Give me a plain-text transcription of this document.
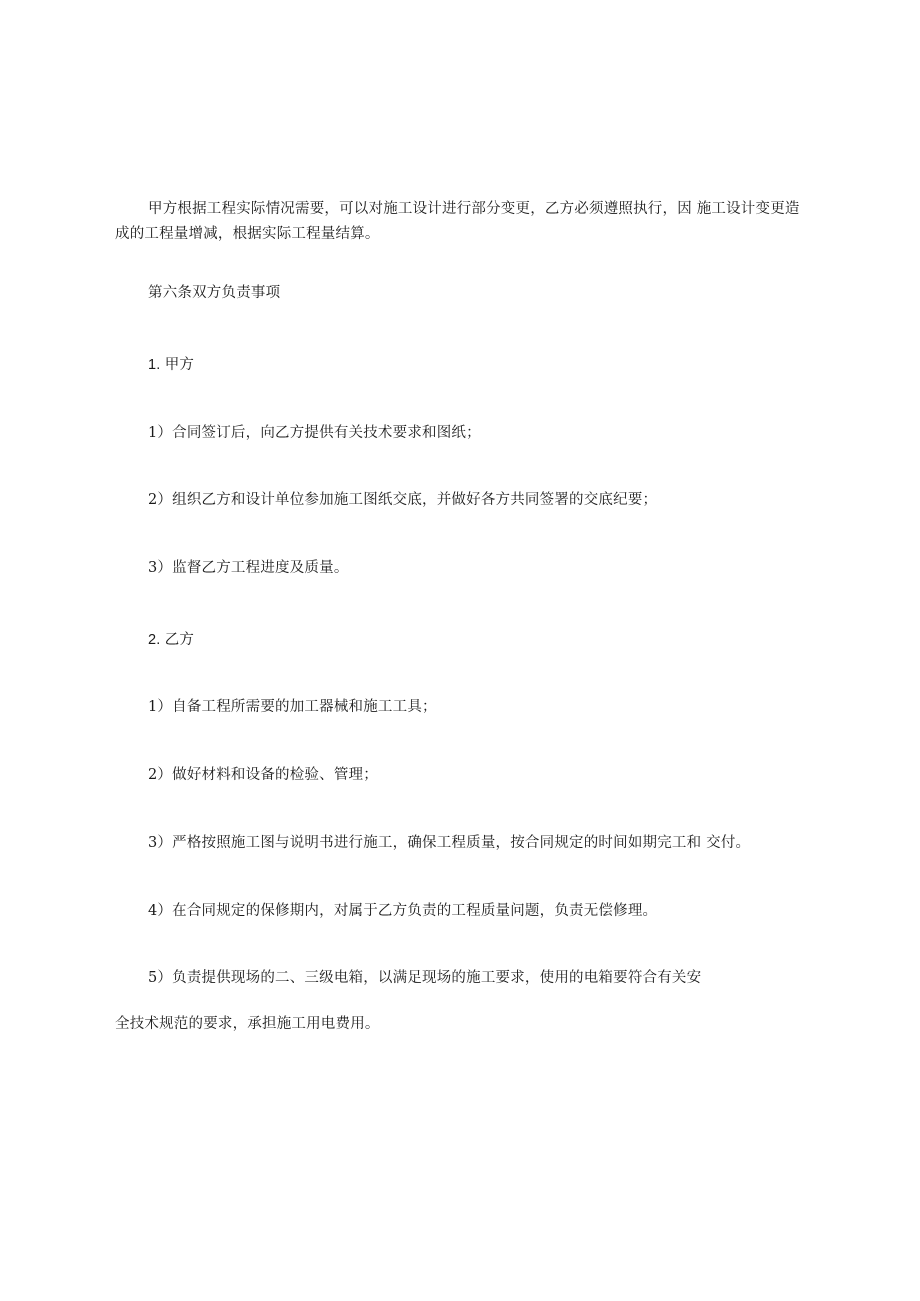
甲方根据工程实际情况需要，可以对施工设计进行部分变更，乙方必须遵照执行，因 施工设计变更造成的工程量增减，根据实际工程量结算。

第六条双方负责事项

1. 甲方

1）合同签订后，向乙方提供有关技术要求和图纸；

2）组织乙方和设计单位参加施工图纸交底，并做好各方共同签署的交底纪要；

3）监督乙方工程进度及质量。

2. 乙方

1）自备工程所需要的加工器械和施工工具；

2）做好材料和设备的检验、管理；

3）严格按照施工图与说明书进行施工，确保工程质量，按合同规定的时间如期完工和 交付。

4）在合同规定的保修期内，对属于乙方负责的工程质量问题，负责无偿修理。

5）负责提供现场的二、三级电箱，以满足现场的施工要求，使用的电箱要符合有关安

全技术规范的要求，承担施工用电费用。
